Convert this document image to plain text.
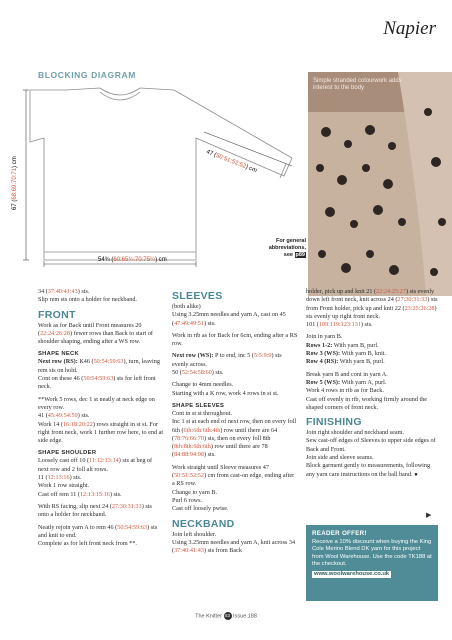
Napier
BLOCKING DIAGRAM
67 (68:69:70:71) cm
47 (50:51:52:52) cm
54¾ (60:65¼:70:75¼) cm
Simple stranded colourwork adds interest to the body
For general
abbreviations,
see p89
34 (37:40:41:43) sts.
Slip rem sts onto a holder for neckband.
FRONT
Work as for Back until Front measures 20 (22:24:26:28) fewer rows than Back to start of shoulder shaping, ending after a WS row.
SHAPE NECK
Next row (RS): K46 (50:54:59:63), turn, leaving rem sts on hold.
Cont on these 46 (50:54:59:63) sts for left front neck.
**Work 5 rows, dec 1 st neatly at neck edge on every row.
41 (45:49:54:59) sts.
Work 14 (16:18:20:22) rows straight in st st. For right front neck, work 1 further row here, to end at side edge.
SHAPE SHOULDER
Loosely cast off 10 (11:12:13:14) sts at beg of next row and 2 foll alt rows.
11 (12:13:16) sts.
Work 1 row straight.
Cast off rem 11 (12:13:15:16) sts.
With RS facing, slip next 24 (27:30:31:33) sts onto a holder for neckband.
Neatly rejoin yarn A to rem 46 (50:54:59:63) sts and knit to end.
Complete as for left front neck from **.
SLEEVES
(both alike)
Using 3.25mm needles and yarn A, cast on 45 (47:49:49:51) sts.
Work in rib as for Back for 6cm, ending after a RS row.
Next row (WS): P to end, inc 5 (5:5:9:9) sts evenly across.
50 (52:54:58:60) sts.
Change to 4mm needles.
Starting with a K row, work 4 rows in st st.
SHAPE SLEEVES
Cont in st st throughout.
Inc 1 st at each end of next row, then on every foll 6th (6th:6th:6th:4th) row until there are 64 (78:76:66:70) sts, then on every foll 8th (8th:8th:6th:6th) row until there are 78 (84:88:94:98) sts.
Work straight until Sleeve measures 47 (50:51:52:52) cm from cast-on edge, ending after a RS row.
Change to yarn B.
Purl 6 rows.
Cast off loosely pwise.
NECKBAND
Join left shoulder.
Using 3.25mm needles and yarn A, knit across 34 (37:40:41:43) sts from Back
holder, pick up and knit 21 (22:24:25:27) sts evenly down left front neck, knit across 24 (27:30:31:33) sts from Front holder, pick up and knit 22 (23:25:26:28) sts evenly up right front neck.
101 (109:119:123:131) sts.
Join in yarn B.
Rows 1-2: With yarn B, purl.
Row 3 (WS): With yarn B, knit.
Row 4 (RS): With yarn B, purl.
Break yarn B and cont in yarn A.
Row 5 (WS): With yarn A, purl.
Work 4 rows in rib as for Back.
Cast off evenly in rib, working firmly around the shaped corners of front neck.
FINISHING
Join right shoulder and neckband seam.
Sew cast-off edges of Sleeves to upper side edges of Back and Front.
Join side and sleeve seams.
Block garment gently to measurements, following any yarn care instructions on the ball band. ●
▶
READER OFFER!
Receive a 10% discount when buying the King Cole Merino Blend DK yarn for this project from Wool Warehouse. Use the code TK188 at the checkout.
www.woolwarehouse.co.uk
The Knitter 83 Issue 188
